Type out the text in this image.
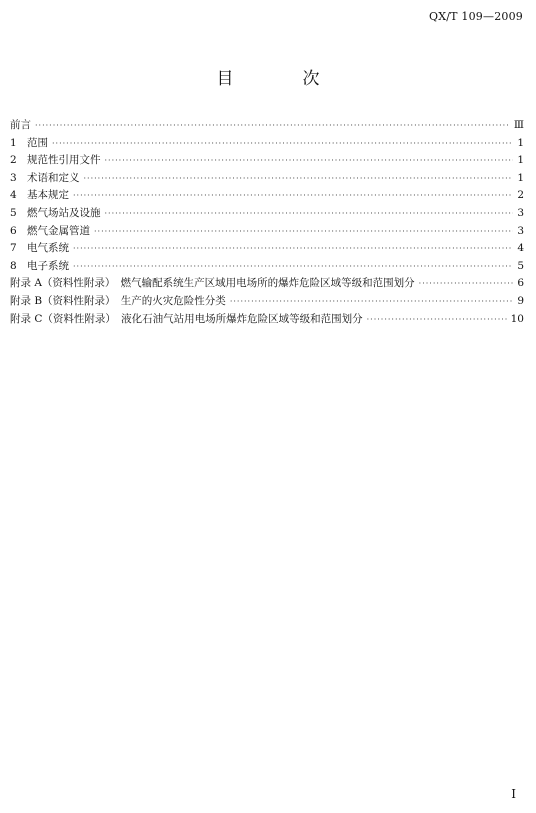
QX/T 109—2009
目　次
前言 ·····	Ⅲ
1 范围 ·····	1
2 规范性引用文件 ·····	1
3 术语和定义 ·····	1
4 基本规定 ·····	2
5 燃气场站及设施 ·····	3
6 燃气金属管道 ·····	3
7 电气系统 ·····	4
8 电子系统 ·····	5
附录 A（资料性附录）　燃气输配系统生产区域用电场所的爆炸危险区域等级和范围划分 ·····	6
附录 B（资料性附录）　生产的火灾危险性分类 ·····	9
附录 C（资料性附录）　液化石油气站用电场所爆炸危险区域等级和范围划分 ·····	10
Ⅰ
